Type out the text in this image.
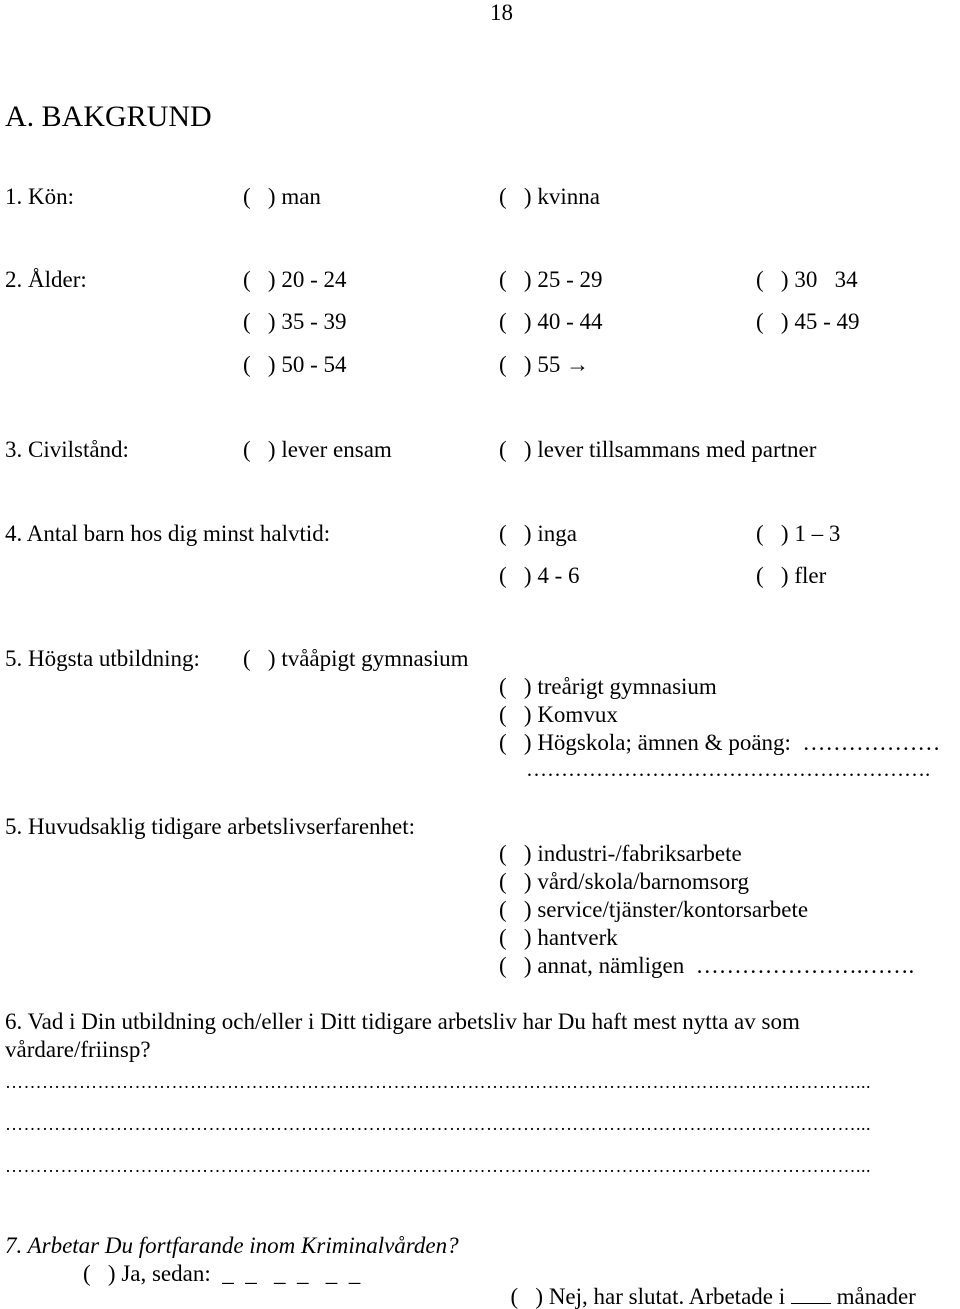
18
A. BAKGRUND
1. Kön:	(   ) man	(   ) kvinna
2. Ålder:	(   ) 20 - 24	(   ) 25 - 29	(   ) 30   34
(   ) 35 - 39	(   ) 40 - 44	(   ) 45 - 49
(   ) 50 - 54	(   ) 55 →
3. Civilstånd:	(   ) lever ensam	(   ) lever tillsammans med partner
4. Antal barn hos dig minst halvtid:	(   ) inga	(   ) 1 – 3
(   ) 4 - 6	(   ) fler
5. Högsta utbildning: (   ) tvååpigt gymnasium
(   ) treårigt gymnasium
(   ) Komvux
(   ) Högskola; ämnen & poäng:  ………………
………………………………………………….
5. Huvudsaklig tidigare arbetslivserfarenhet:
(   ) industri-/fabriksarbete
(   ) vård/skola/barnomsorg
(   ) service/tjänster/kontorsarbete
(   ) hantverk
(   ) annat, nämligen  ………………….…….
6. Vad i Din utbildning och/eller i Ditt tidigare arbetsliv har Du haft mest nytta av som
vårdare/friinsp?
…………………………………………………………………………………………………………………………...
…………………………………………………………………………………………………………………………...
…………………………………………………………………………………………………………………………...
7. Arbetar Du fortfarande inom Kriminalvården?
(   ) Ja, sedan:  _  _   _  _   _  _

(   ) Nej, har slutat. Arbetade i  månader
